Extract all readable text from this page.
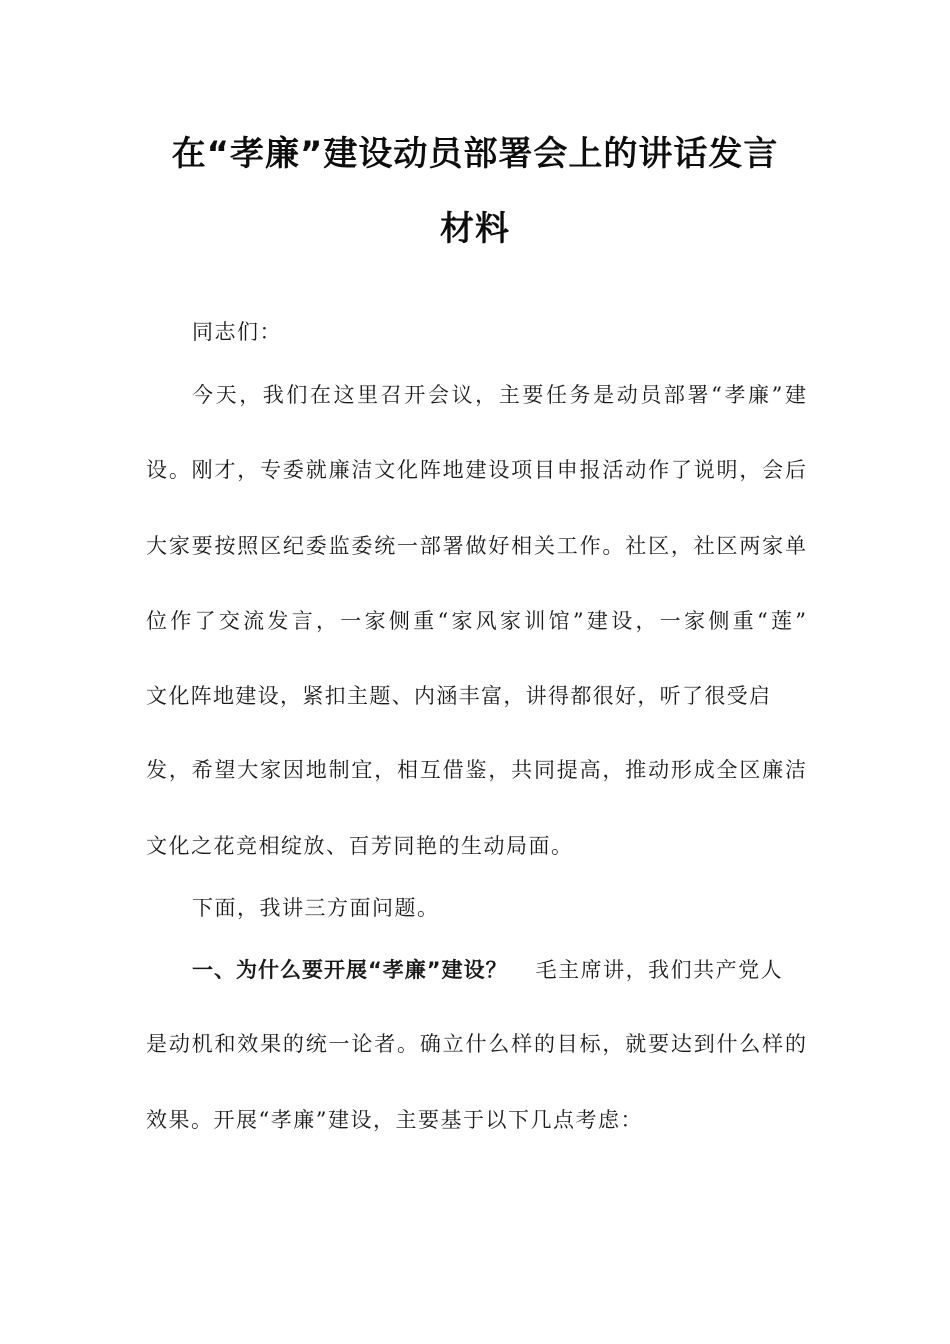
在“孝廉”建设动员部署会上的讲话发言
材料
同志们：
今天，我们在这里召开会议，主要任务是动员部署“孝廉”建
设。刚才，专委就廉洁文化阵地建设项目申报活动作了说明，会后
大家要按照区纪委监委统一部署做好相关工作。社区，社区两家单
位作了交流发言，一家侧重“家风家训馆”建设，一家侧重“莲”
文化阵地建设，紧扣主题、内涵丰富，讲得都很好，听了很受启
发，希望大家因地制宜，相互借鉴，共同提高，推动形成全区廉洁
文化之花竞相绽放、百芳同艳的生动局面。
下面，我讲三方面问题。
一、为什么要开展“孝廉”建设？ 毛主席讲，我们共产党人
是动机和效果的统一论者。确立什么样的目标，就要达到什么样的
效果。开展“孝廉”建设，主要基于以下几点考虑：
